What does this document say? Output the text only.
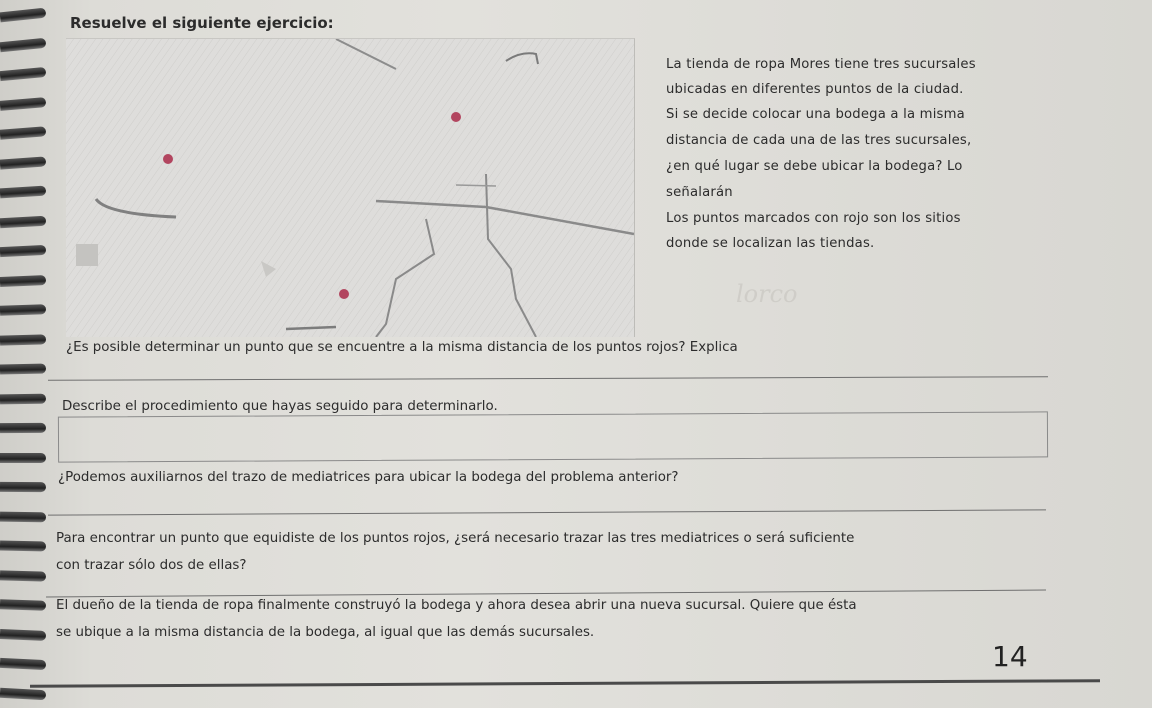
Resuelve el siguiente ejercicio:
La tienda de ropa Mores tiene tres sucursales
ubicadas en diferentes puntos de la ciudad.
Si se decide colocar una bodega a la misma
distancia de cada una de las tres sucursales,
¿en qué lugar se debe ubicar la bodega? Lo
señalarán
Los puntos marcados con rojo son los sitios
donde se localizan las tiendas.
lorco
¿Es posible determinar un punto que se encuentre a la misma distancia de los puntos rojos? Explica
Describe el procedimiento que hayas seguido para determinarlo.
¿Podemos auxiliarnos del trazo de mediatrices para ubicar la bodega del problema anterior?
Para encontrar un punto que equidiste de los puntos rojos, ¿será necesario trazar las tres mediatrices o será suficiente
con trazar sólo dos de ellas?
El dueño de la tienda de ropa finalmente construyó la bodega y ahora desea abrir una nueva sucursal. Quiere que ésta
se ubique a la misma distancia de la bodega, al igual que las demás sucursales.
14
